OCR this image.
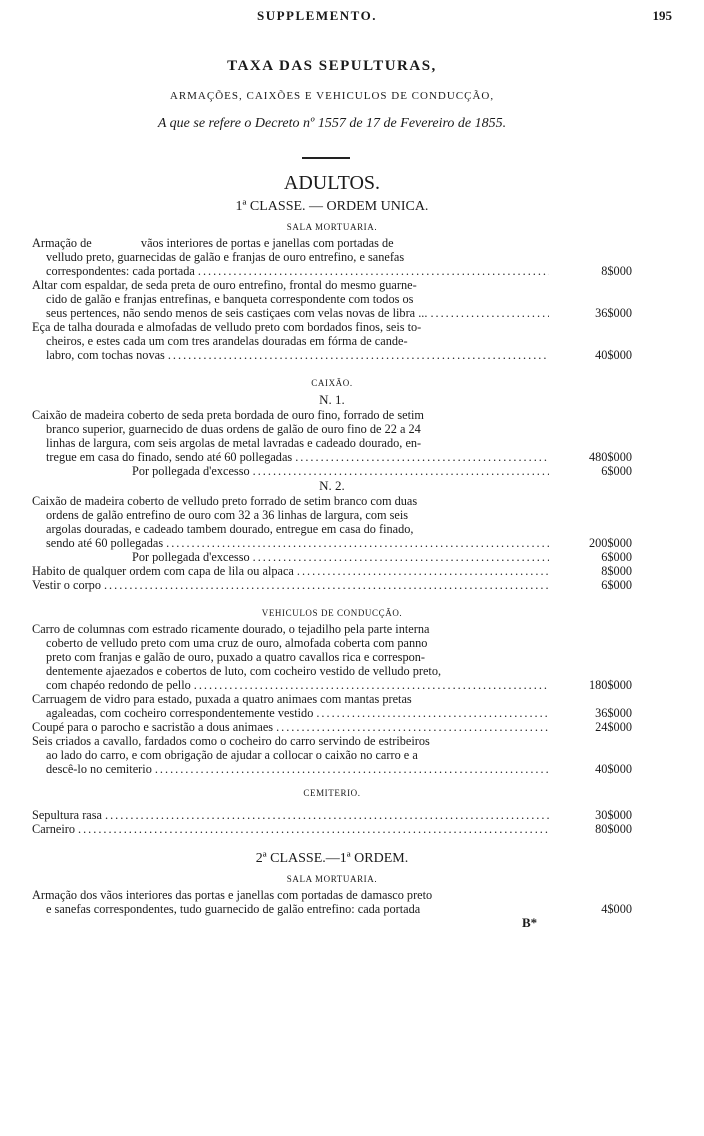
SUPPLEMENTO.	195
TAXA DAS SEPULTURAS,
ARMAÇÕES, CAIXÕES E VEHICULOS DE CONDUCÇÃO,
A que se refere o Decreto nº 1557 de 17 de Fevereiro de 1855.
ADULTOS.
1ª CLASSE. — ORDEM UNICA.
SALA MORTUARIA.
Armação de                vãos interiores de portas e janellas com portadas de
velludo preto, guarnecidas de galão e franjas de ouro entrefino, e sanefas
correspondentes: cada portada .....	8$000
Altar com espaldar, de seda preta de ouro entrefino, frontal do mesmo guarne-
cido de galão e franjas entrefinas, e banqueta correspondente com todos os
seus pertences, não sendo menos de seis castiçaes com velas novas de libra ... .....	36$000
Eça de talha dourada e almofadas de velludo preto com bordados finos, seis to-
cheiros, e estes cada um com tres arandelas douradas em fórma de cande-
labro, com tochas novas .....	40$000
CAIXÃO.
N. 1.
Caixão de madeira coberto de seda preta bordada de ouro fino, forrado de setim
branco superior, guarnecido de duas ordens de galão de ouro fino de 22 a 24
linhas de largura, com seis argolas de metal lavradas e cadeado dourado, en-
tregue em casa do finado, sendo até 60 pollegadas .....	480$000
Por pollegada d'excesso .....	6$000
N. 2.
Caixão de madeira coberto de velludo preto forrado de setim branco com duas
ordens de galão entrefino de ouro com 32 a 36 linhas de largura, com seis
argolas douradas, e cadeado tambem dourado, entregue em casa do finado,
sendo até 60 pollegadas .....	200$000
Por pollegada d'excesso .....	6$000
Habito de qualquer ordem com capa de lila ou alpaca .....	8$000
Vestir o corpo .....	6$000
VEHICULOS DE CONDUCÇÃO.
Carro de columnas com estrado ricamente dourado, o tejadilho pela parte interna
coberto de velludo preto com uma cruz de ouro, almofada coberta com panno
preto com franjas e galão de ouro, puxado a quatro cavallos rica e correspon-
dentemente ajaezados e cobertos de luto, com cocheiro vestido de velludo preto,
com chapéo redondo de pello .....	180$000
Carruagem de vidro para estado, puxada a quatro animaes com mantas pretas
agaleadas, com cocheiro correspondentemente vestido .....	36$000
Coupé para o parocho e sacristão a dous animaes .....	24$000
Seis criados a cavallo, fardados como o cocheiro do carro servindo de estribeiros
ao lado do carro, e com obrigação de ajudar a collocar o caixão no carro e a
descê-lo no cemiterio .....	40$000
CEMITERIO.
Sepultura rasa .....	30$000
Carneiro .....	80$000
2ª CLASSE.—1ª ORDEM.
SALA MORTUARIA.
Armação dos vãos interiores das portas e janellas com portadas de damasco preto
e sanefas correspondentes, tudo guarnecido de galão entrefino: cada portada	4$000
B*
